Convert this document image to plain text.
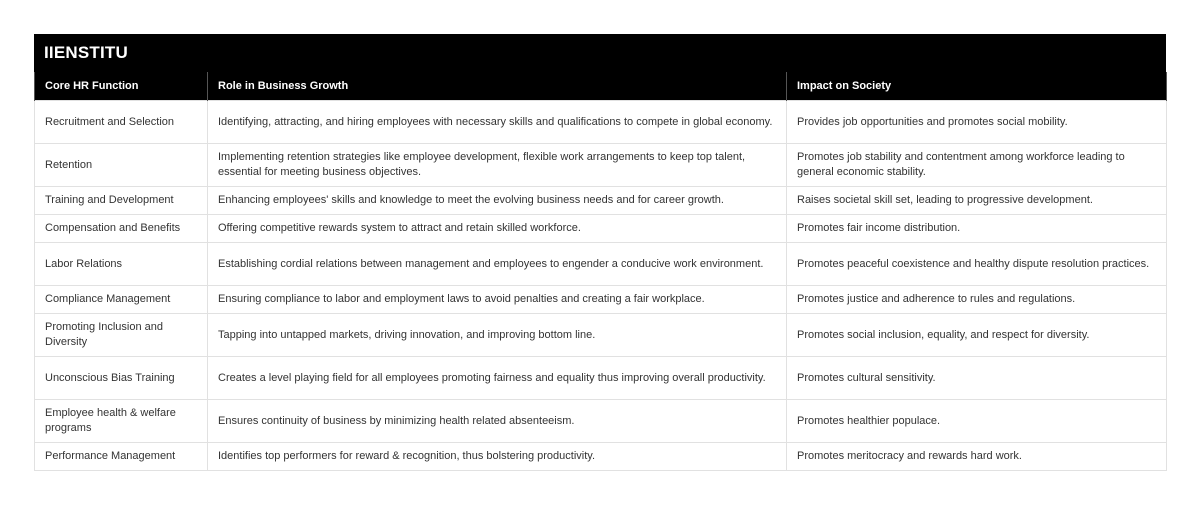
IIENSTITU
Core HR Function	Role in Business Growth	Impact on Society
Recruitment and Selection	Identifying, attracting, and hiring employees with necessary skills and qualifications to compete in global economy.	Provides job opportunities and promotes social mobility.
Retention	Implementing retention strategies like employee development, flexible work arrangements to keep top talent, essential for meeting business objectives.	Promotes job stability and contentment among workforce leading to general economic stability.
Training and Development	Enhancing employees' skills and knowledge to meet the evolving business needs and for career growth.	Raises societal skill set, leading to progressive development.
Compensation and Benefits	Offering competitive rewards system to attract and retain skilled workforce.	Promotes fair income distribution.
Labor Relations	Establishing cordial relations between management and employees to engender a conducive work environment.	Promotes peaceful coexistence and healthy dispute resolution practices.
Compliance Management	Ensuring compliance to labor and employment laws to avoid penalties and creating a fair workplace.	Promotes justice and adherence to rules and regulations.
Promoting Inclusion and Diversity	Tapping into untapped markets, driving innovation, and improving bottom line.	Promotes social inclusion, equality, and respect for diversity.
Unconscious Bias Training	Creates a level playing field for all employees promoting fairness and equality thus improving overall productivity.	Promotes cultural sensitivity.
Employee health & welfare programs	Ensures continuity of business by minimizing health related absenteeism.	Promotes healthier populace.
Performance Management	Identifies top performers for reward & recognition, thus bolstering productivity.	Promotes meritocracy and rewards hard work.
